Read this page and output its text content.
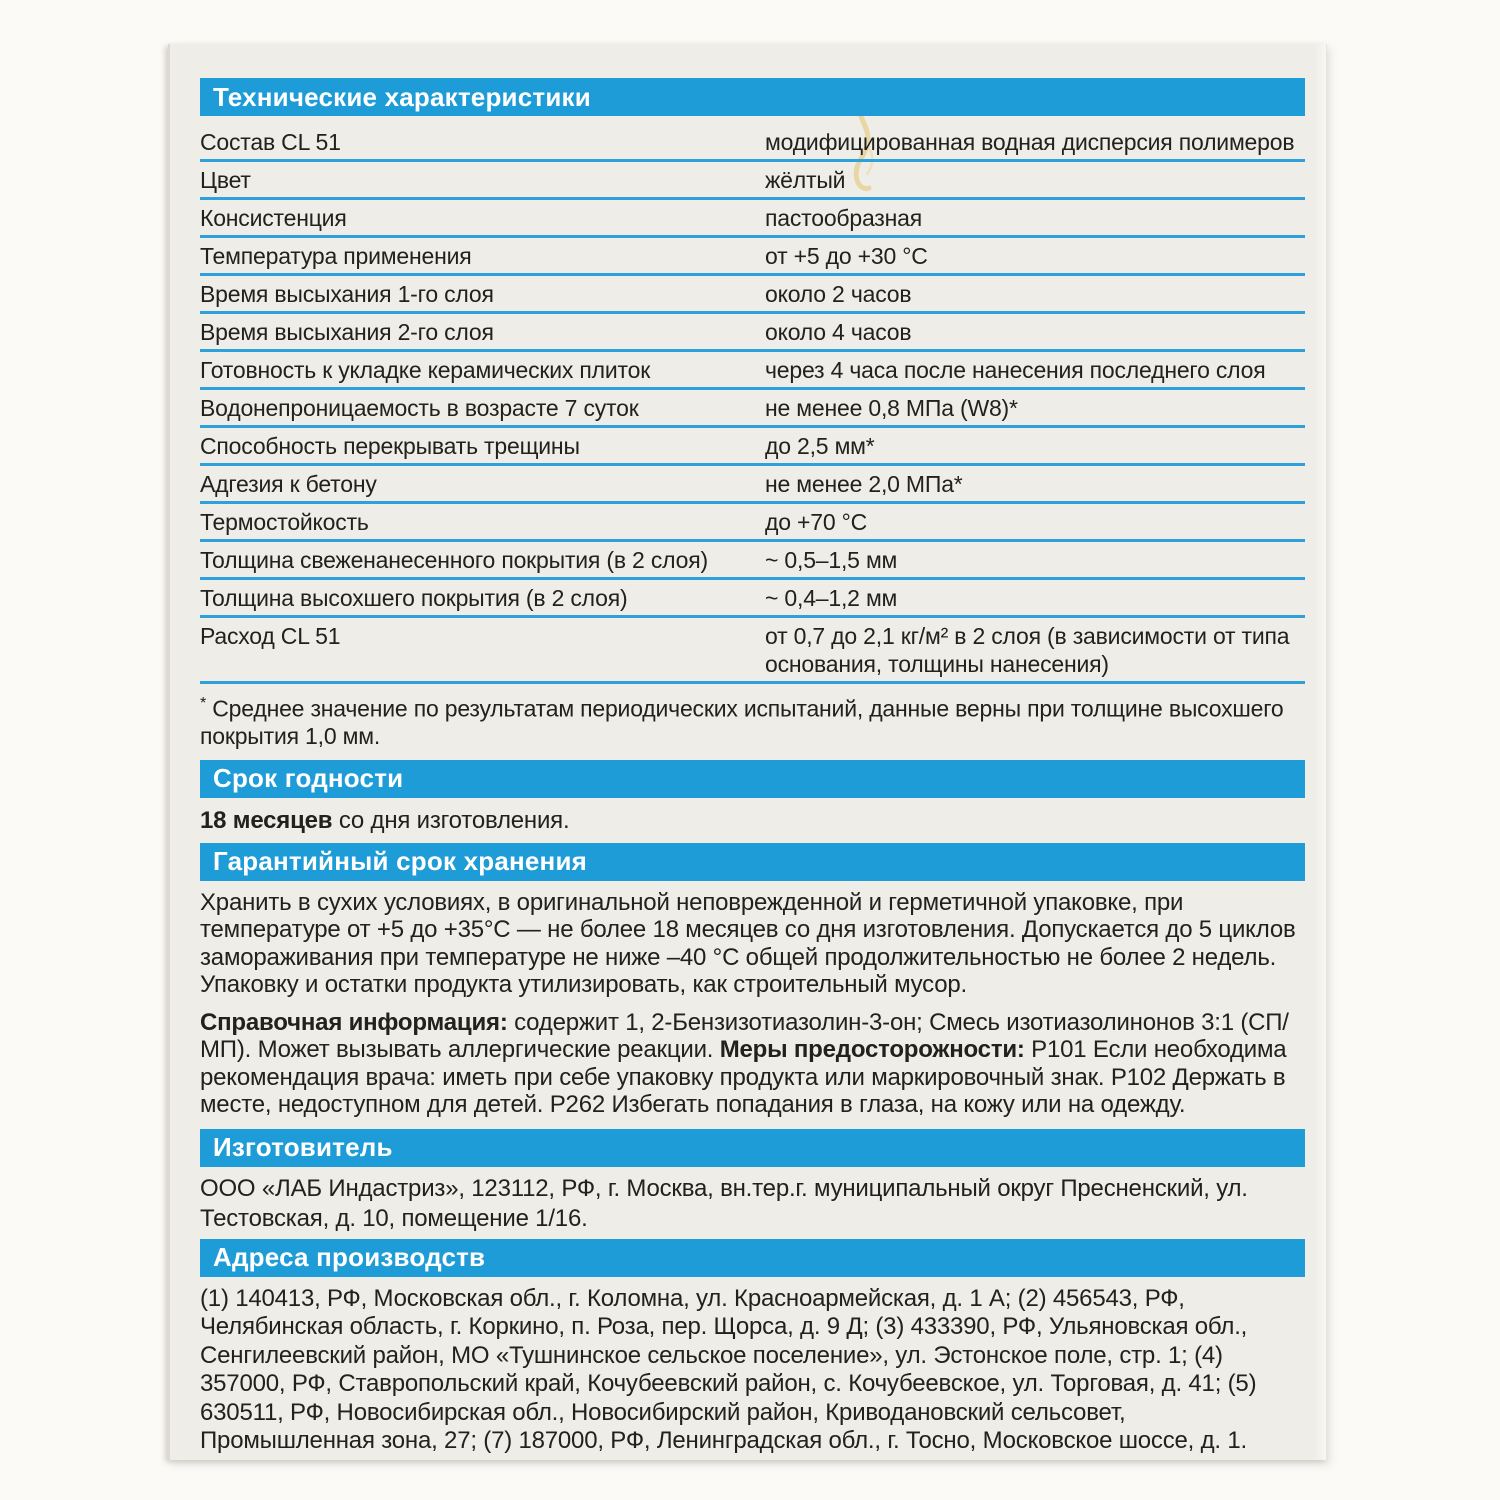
Технические характеристики
Состав CL 51	модифицированная водная дисперсия полимеров
Цвет	жёлтый
Консистенция	пастообразная
Температура применения	от +5 до +30 °C
Время высыхания 1-го слоя	около 2 часов
Время высыхания 2-го слоя	около 4 часов
Готовность к укладке керамических плиток	через 4 часа после нанесения последнего слоя
Водонепроницаемость в возрасте 7 суток	не менее 0,8 МПа (W8)*
Способность перекрывать трещины	до 2,5 мм*
Адгезия к бетону	не менее 2,0 МПа*
Термостойкость	до +70 °C
Толщина свеженанесенного покрытия (в 2 слоя)	~ 0,5–1,5 мм
Толщина высохшего покрытия (в 2 слоя)	~ 0,4–1,2 мм
Расход CL 51	от 0,7 до 2,1 кг/м² в 2 слоя (в зависимости от типа основания, толщины нанесения)

* Среднее значение по результатам периодических испытаний, данные верны при толщине высохшего покрытия 1,0 мм.

Срок годности

18 месяцев со дня изготовления.

Гарантийный срок хранения

Хранить в сухих условиях, в оригинальной неповрежденной и герметичной упаковке, при температуре от +5 до +35°C — не более 18 месяцев со дня изготовления. Допускается до 5 циклов замораживания при температуре не ниже –40 °C общей продолжительностью не более 2 недель. Упаковку и остатки продукта утилизировать, как строительный мусор.

Справочная информация: содержит 1, 2-Бензизотиазолин-3-он; Смесь изотиазолинонов 3:1 (СП/МП). Может вызывать аллергические реакции. Меры предосторожности: P101 Если необходима рекомендация врача: иметь при себе упаковку продукта или маркировочный знак. P102 Держать в месте, недоступном для детей. P262 Избегать попадания в глаза, на кожу или на одежду.

Изготовитель

ООО «ЛАБ Индастриз», 123112, РФ, г. Москва, вн.тер.г. муниципальный округ Пресненский, ул. Тестовская, д. 10, помещение 1/16.

Адреса производств

(1) 140413, РФ, Московская обл., г. Коломна, ул. Красноармейская, д. 1 А; (2) 456543, РФ, Челябинская область, г. Коркино, п. Роза, пер. Щорса, д. 9 Д; (3) 433390, РФ, Ульяновская обл., Сенгилеевский район, МО «Тушнинское сельское поселение», ул. Эстонское поле, стр. 1; (4) 357000, РФ, Ставропольский край, Кочубеевский район, с. Кочубеевское, ул. Торговая, д. 41; (5) 630511, РФ, Новосибирская обл., Новосибирский район, Криводановский сельсовет, Промышленная зона, 27; (7) 187000, РФ, Ленинградская обл., г. Тосно, Московское шоссе, д. 1.
